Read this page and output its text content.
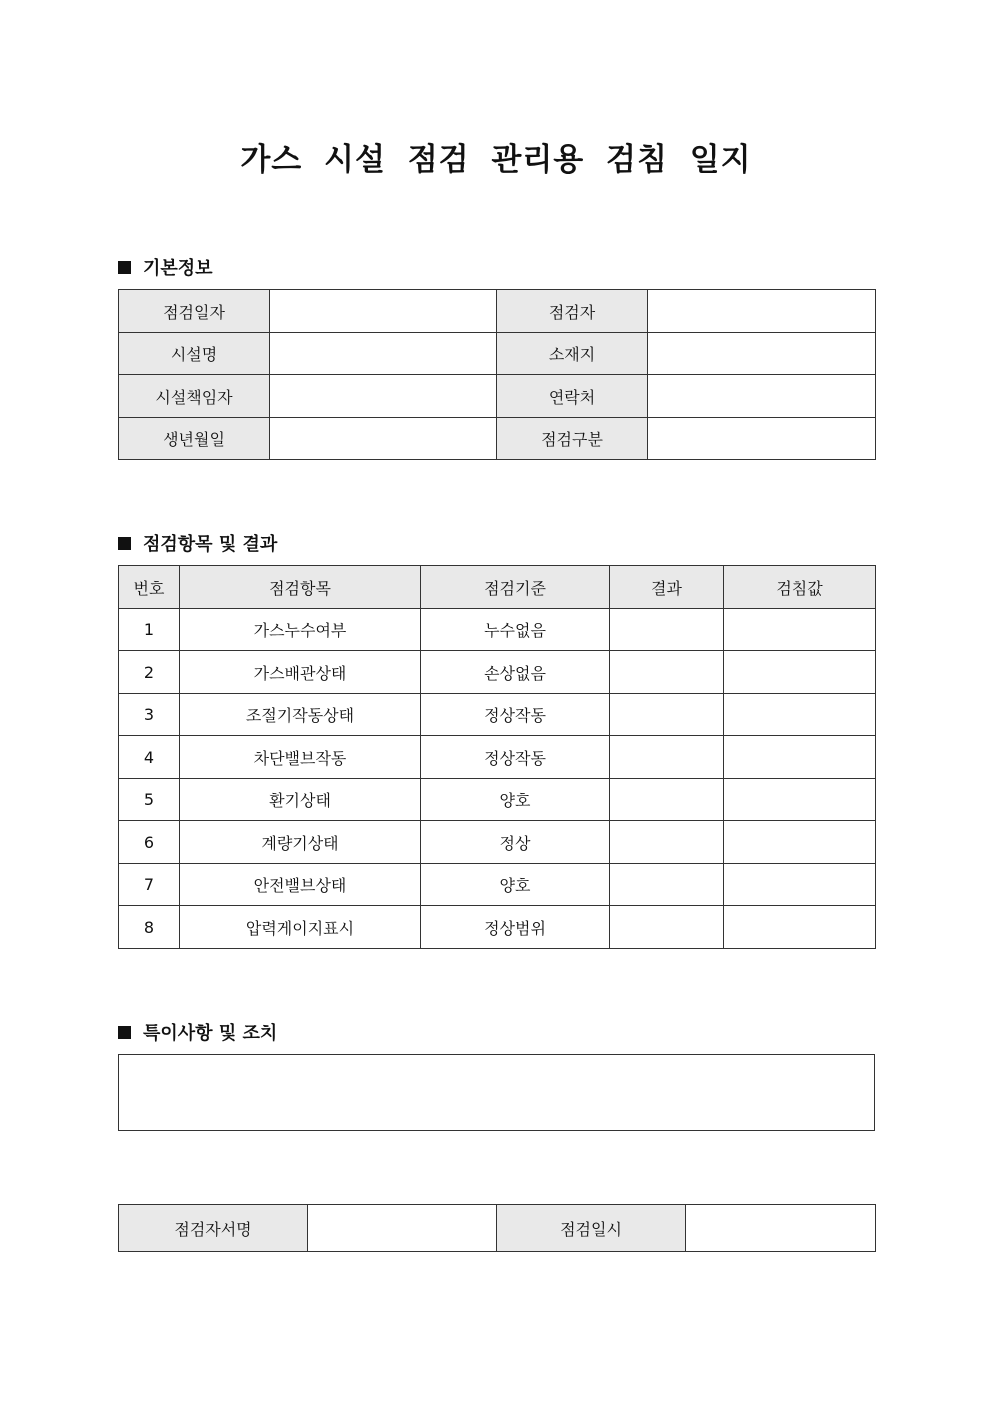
가스 시설 점검 관리용 검침 일지
기본정보
점검일자		점검자	
시설명		소재지	
시설책임자		연락처	
생년월일		점검구분	
점검항목 및 결과
번호	점검항목	점검기준	결과	검침값
1	가스누수여부	누수없음		
2	가스배관상태	손상없음		
3	조절기작동상태	정상작동		
4	차단밸브작동	정상작동		
5	환기상태	양호		
6	계량기상태	정상		
7	안전밸브상태	양호		
8	압력게이지표시	정상범위		
특이사항 및 조치
점검자서명		점검일시	
